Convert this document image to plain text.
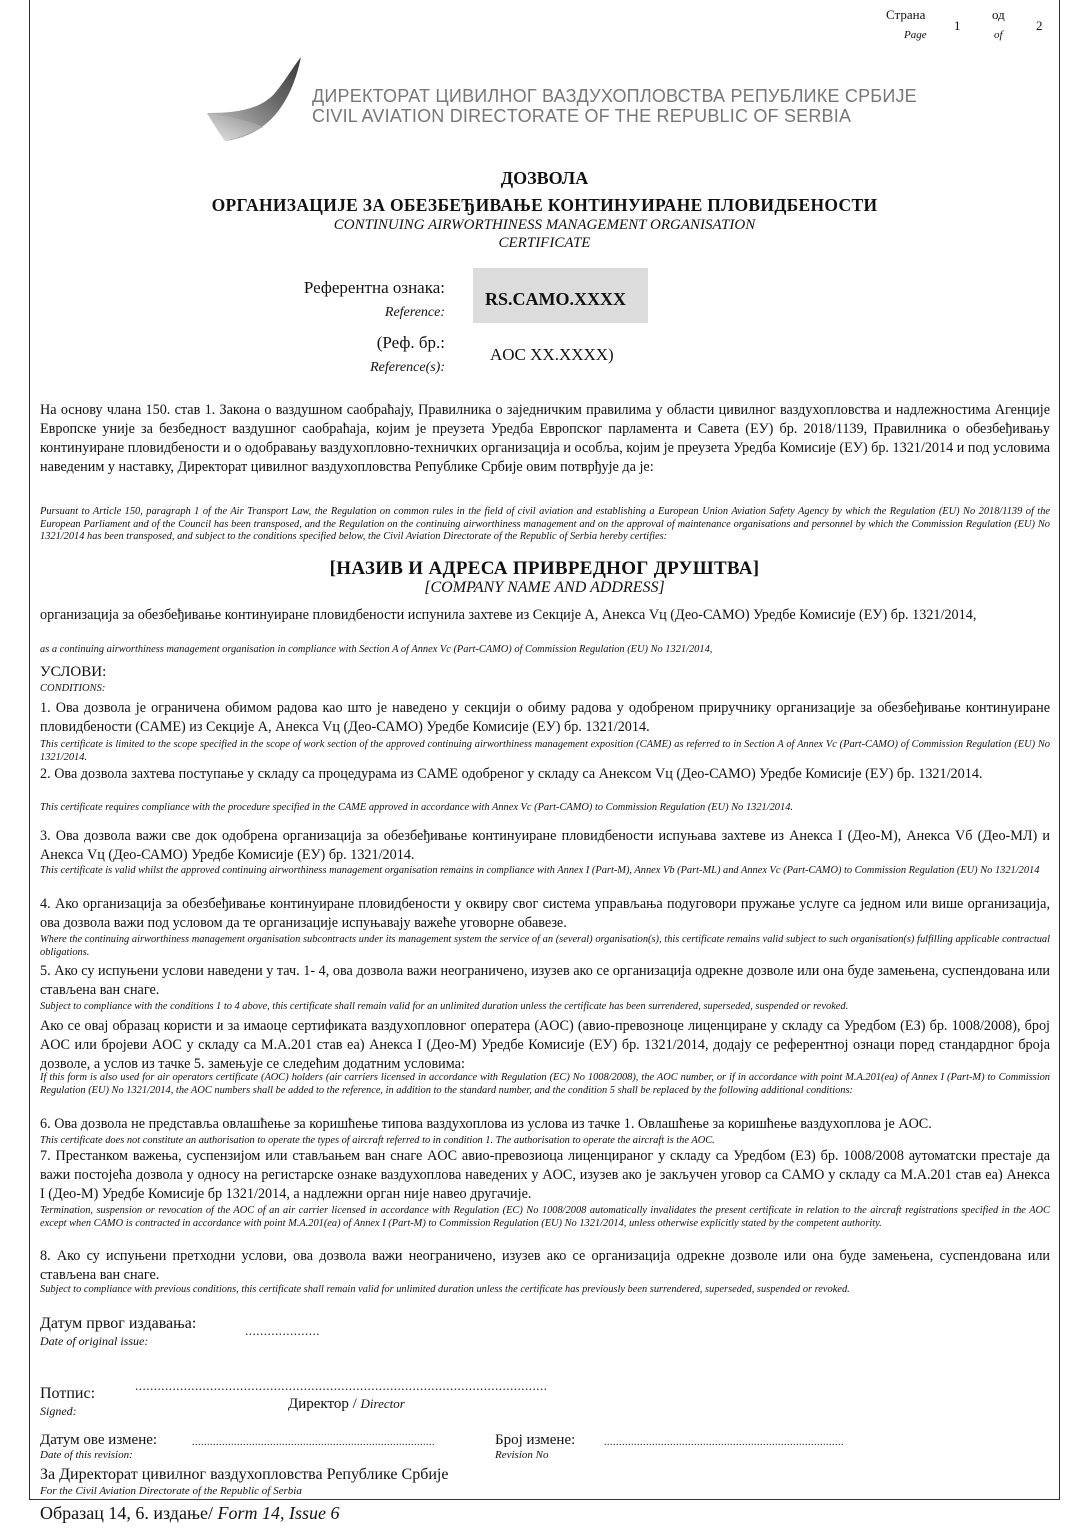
Страна
Page
1
од
of
2
ДИРЕКТОРАТ ЦИВИЛНОГ ВАЗДУХОПЛОВСТВА РЕПУБЛИКЕ СРБИЈЕ
CIVIL AVIATION DIRECTORATE OF THE REPUBLIC OF SERBIA
ДОЗВОЛА
ОРГАНИЗАЦИЈЕ ЗА ОБЕЗБЕЂИВАЊЕ КОНТИНУИРАНЕ ПЛОВИДБЕНОСТИ
CONTINUING AIRWORTHINESS MANAGEMENT ORGANISATION
CERTIFICATE
Референтна ознака:
Reference:
RS.CAMO.XXXX
(Реф. бр.:
Reference(s):
AOC XX.XXXX)
На основу члана 150. став 1. Закона о ваздушном саобраћају, Правилника о заједничким правилима у области цивилног ваздухопловства и надлежностима Агенције Европске уније за безбедност ваздушног саобраћаја, којим је преузета Уредба Европског парламента и Савета (ЕУ) бр. 2018/1139, Правилника о обезбеђивању континуиране пловидбености и о одобравању ваздухопловно-техничких организација и особља, којим је преузета Уредба Комисије (ЕУ) бр. 1321/2014 и под условима наведеним у наставку, Директорат цивилног ваздухопловства Републике Србије овим потврђује да је:
Pursuant to Article 150, paragraph 1 of the Air Transport Law, the Regulation on common rules in the field of civil aviation and establishing a European Union Aviation Safety Agency by which the Regulation (EU) No 2018/1139 of the European Parliament and of the Council has been transposed, and the Regulation on the continuing airworthiness management and on the approval of maintenance organisations and personnel by which the Commission Regulation (EU) No 1321/2014 has been transposed, and subject to the conditions specified below, the Civil Aviation Directorate of the Republic of Serbia hereby certifies:
[НАЗИВ И АДРЕСА ПРИВРЕДНОГ ДРУШТВА]
[COMPANY NAME AND ADDRESS]
организација за обезбеђивање континуиране пловидбености испунила захтеве из Секције А, Анекса Vц (Део-САМО) Уредбе Комисије (ЕУ) бр. 1321/2014,
as a continuing airworthiness management organisation in compliance with Section A of Annex Vc (Part-CAMO) of Commission Regulation (EU) No 1321/2014,
УСЛОВИ:
CONDITIONS:
1. Ова дозвола је ограничена обимом радова као што је наведено у секцији о обиму радова у одобреном приручнику организације за обезбеђивање континуиране пловидбености (CAME) из Секције А, Анекса Vц (Део-САМО) Уредбе Комисије (ЕУ) бр. 1321/2014.
This certificate is limited to the scope specified in the scope of work section of the approved continuing airworthiness management exposition (CAME) as referred to in Section A of Annex Vc (Part-CAMO) of Commission Regulation (EU) No 1321/2014.
2. Ова дозвола захтева поступање у складу са процедурама из CAME одобреног у складу са Анексом Vц (Део-САМО) Уредбе Комисије (ЕУ) бр. 1321/2014.
This certificate requires compliance with the procedure specified in the CAME approved in accordance with Annex Vc (Part-CAMO) to Commission Regulation (EU) No 1321/2014.
3. Ова дозвола важи све док одобрена организација за обезбеђивање континуиране пловидбености испуњава захтеве из Анекса I (Део-М), Анекса Vб (Део-МЛ) и Анекса Vц (Део-САМО) Уредбе Комисије (ЕУ) бр. 1321/2014.
This certificate is valid whilst the approved continuing airworthiness management organisation remains in compliance with Annex I (Part-M), Annex Vb (Part-ML) and Annex Vc (Part-CAMO) to Commission Regulation (EU) No 1321/2014
4. Ако организација за обезбеђивање континуиране пловидбености у оквиру свог система управљања подуговори пружање услуге са једном или више организација, ова дозвола важи под условом да те организације испуњавају важеће уговорне обавезе.
Where the continuing airworthiness management organisation subcontracts under its management system the service of an (several) organisation(s), this certificate remains valid subject to such organisation(s) fulfilling applicable contractual obligations.
5. Ако су испуњени услови наведени у тач. 1- 4, ова дозвола важи неограничено, изузев ако се организација одрекне дозволе или она буде замењена, суспендована или стављена ван снаге.
Subject to compliance with the conditions 1 to 4 above, this certificate shall remain valid for an unlimited duration unless the certificate has been surrendered, superseded, suspended or revoked.
Ако се овај образац користи и за имаоце сертификата ваздухопловног оператера (AOC) (авио-превозноце лиценциране у складу са Уредбом (ЕЗ) бр. 1008/2008), број AOC или бројеви AOC у складу са М.А.201 став еа) Анекса I (Део-М) Уредбе Комисије (ЕУ) бр. 1321/2014, додају се референтној ознаци поред стандардног броја дозволе, а услов из тачке 5. замењује се следећим додатним условима:
If this form is also used for air operators certificate (AOC) holders (air carriers licensed in accordance with Regulation (EC) No 1008/2008), the AOC number, or if in accordance with point M.A.201(ea) of Annex I (Part-M) to Commission Regulation (EU) No 1321/2014, the AOC numbers shall be added to the reference, in addition to the standard number, and the condition 5 shall be replaced by the following additional conditions:
6. Ова дозвола не представља овлашћење за коришћење типова ваздухоплова из услова из тачке 1. Овлашћење за коришћење ваздухоплова је AOC.
This certificate does not constitute an authorisation to operate the types of aircraft referred to in condition 1. The authorisation to operate the aircraft is the AOC.
7. Престанком важења, суспензијом или стављањем ван снаге AOC авио-превозиоца лиценцираног у складу са Уредбом (ЕЗ) бр. 1008/2008 аутоматски престаје да важи постојећа дозвола у односу на регистарске ознаке ваздухоплова наведених у AOC, изузев ако је закључен уговор са CAMO у складу са М.А.201 став еа) Анекса I (Део-М) Уредбе Комисије бр 1321/2014, а надлежни орган није навео другачије.
Termination, suspension or revocation of the AOC of an air carrier licensed in accordance with Regulation (EC) No 1008/2008 automatically invalidates the present certificate in relation to the aircraft registrations specified in the AOC except when CAMO is contracted in accordance with point M.A.201(ea) of Annex I (Part-M) to Commission Regulation (EU) No 1321/2014, unless otherwise explicitly stated by the competent authority.
8. Ако су испуњени претходни услови, ова дозвола важи неограничено, изузев ако се организација одрекне дозволе или она буде замењена, суспендована или стављена ван снаге.
Subject to compliance with previous conditions, this certificate shall remain valid for unlimited duration unless the certificate has previously been surrendered, superseded, suspended or revoked.
Датум првог издавања:
Date of original issue:
....................
Потпис:
Signed:
..............................................................................................................
Директор / Director
Датум ове измене:
Date of this revision:
.................................................................................	Број измене:
Revision No
................................................................................
За Директорат цивилног ваздухопловства Републике Србије
For the Civil Aviation Directorate of the Republic of Serbia
Образац 14, 6. издање/ Form 14, Issue 6
